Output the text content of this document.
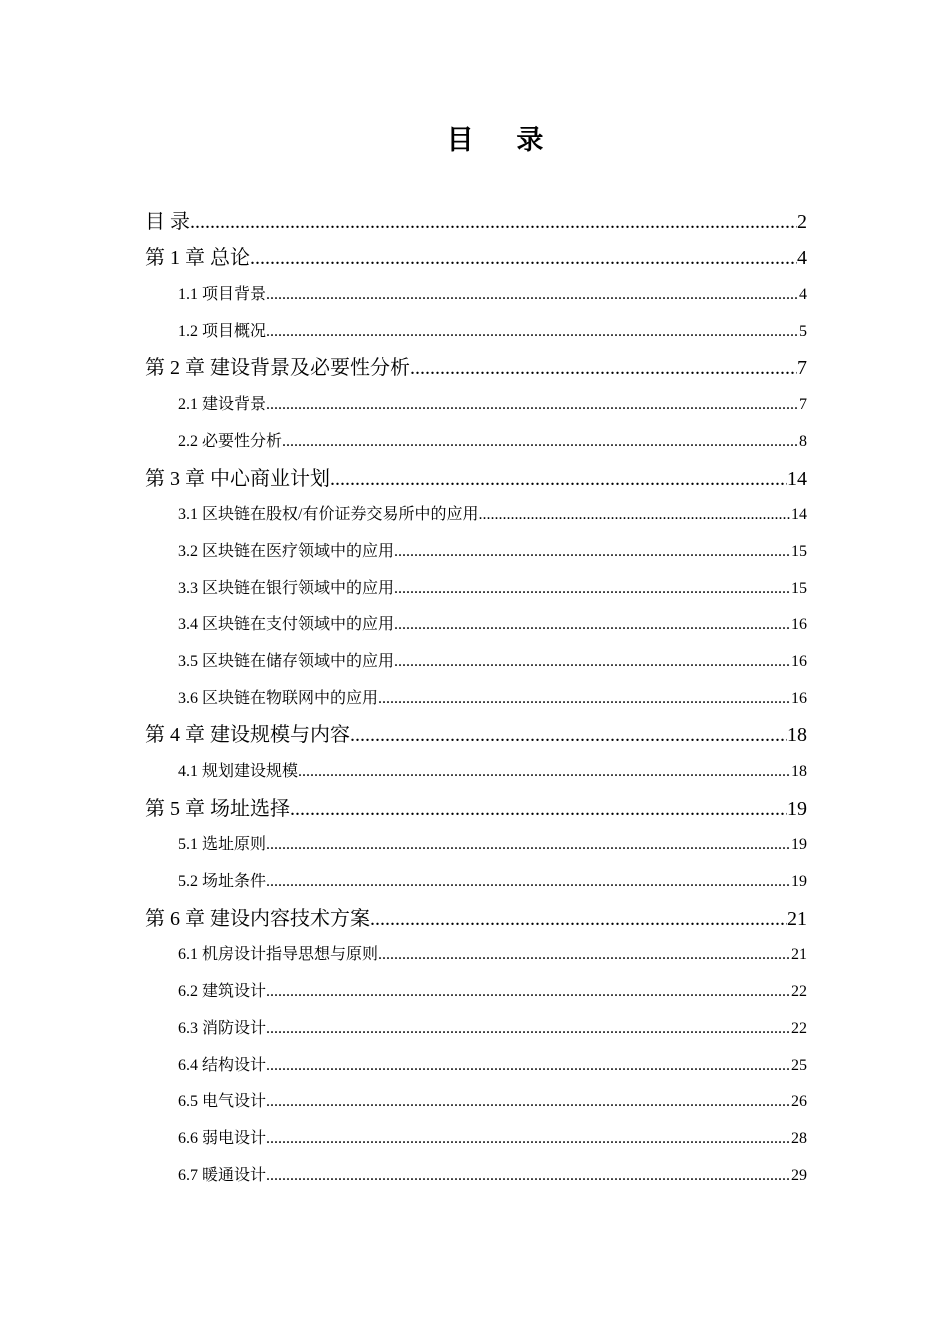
目 录
目 录 .....	2
第 1 章 总论 .....	4
1.1 项目背景 .....	4
1.2 项目概况 .....	5
第 2 章 建设背景及必要性分析 .....	7
2.1 建设背景 .....	7
2.2 必要性分析 .....	8
第 3 章 中心商业计划 .....	14
3.1 区块链在股权/有价证券交易所中的应用 .....	14
3.2 区块链在医疗领域中的应用 .....	15
3.3 区块链在银行领域中的应用 .....	15
3.4 区块链在支付领域中的应用 .....	16
3.5 区块链在储存领域中的应用 .....	16
3.6 区块链在物联网中的应用 .....	16
第 4 章 建设规模与内容 .....	18
4.1 规划建设规模 .....	18
第 5 章 场址选择 .....	19
5.1 选址原则 .....	19
5.2 场址条件 .....	19
第 6 章 建设内容技术方案 .....	21
6.1 机房设计指导思想与原则 .....	21
6.2 建筑设计 .....	22
6.3 消防设计 .....	22
6.4 结构设计 .....	25
6.5 电气设计 .....	26
6.6 弱电设计 .....	28
6.7 暖通设计 .....	29
